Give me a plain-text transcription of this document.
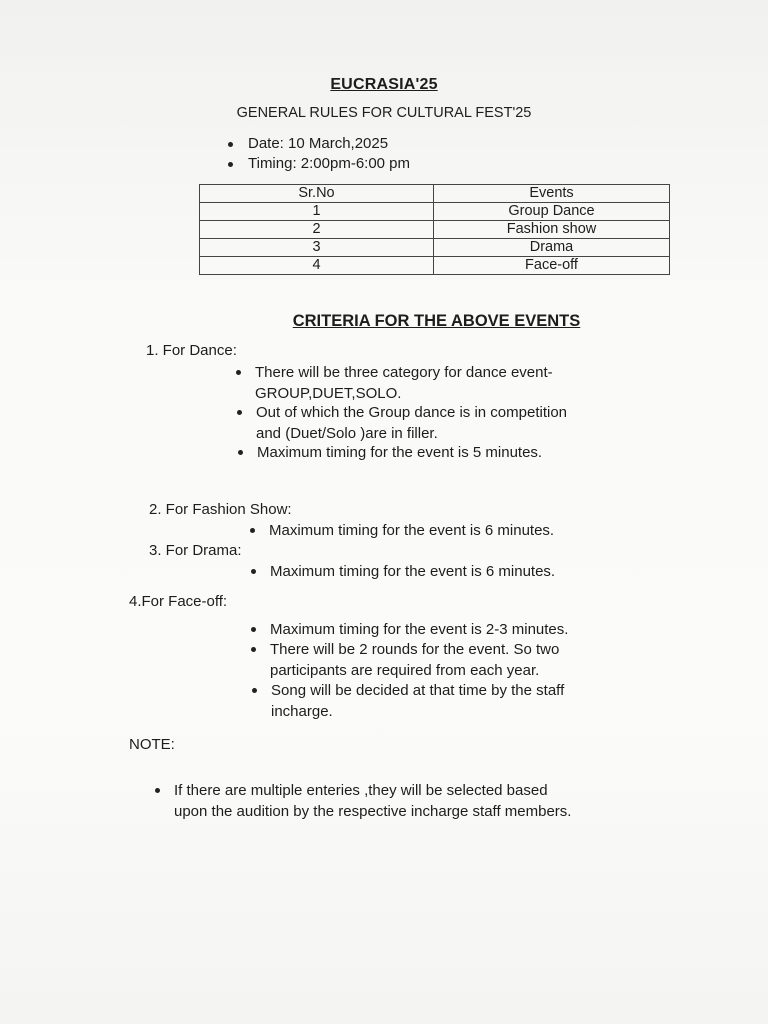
EUCRASIA'25
GENERAL RULES FOR CULTURAL FEST'25
Date: 10 March,2025
Timing: 2:00pm-6:00 pm
Sr.No	Events
1	Group Dance
2	Fashion show
3	Drama
4	Face-off
CRITERIA FOR THE ABOVE EVENTS
1. For Dance:
There will be three category for dance event-
GROUP,DUET,SOLO.
Out of which the Group dance is in competition
and (Duet/Solo )are in filler.
Maximum timing for the event is 5 minutes.
2. For Fashion Show:
Maximum timing for the event is 6 minutes.
3. For Drama:
Maximum timing for the event is 6 minutes.
4.For Face-off:
Maximum timing for the event is 2-3 minutes.
There will be 2 rounds for the event. So two
participants are required from each year.
Song will be decided at that time by the staff
incharge.
NOTE:
If there are multiple enteries ,they will be selected based
upon the audition by the respective incharge staff members.
